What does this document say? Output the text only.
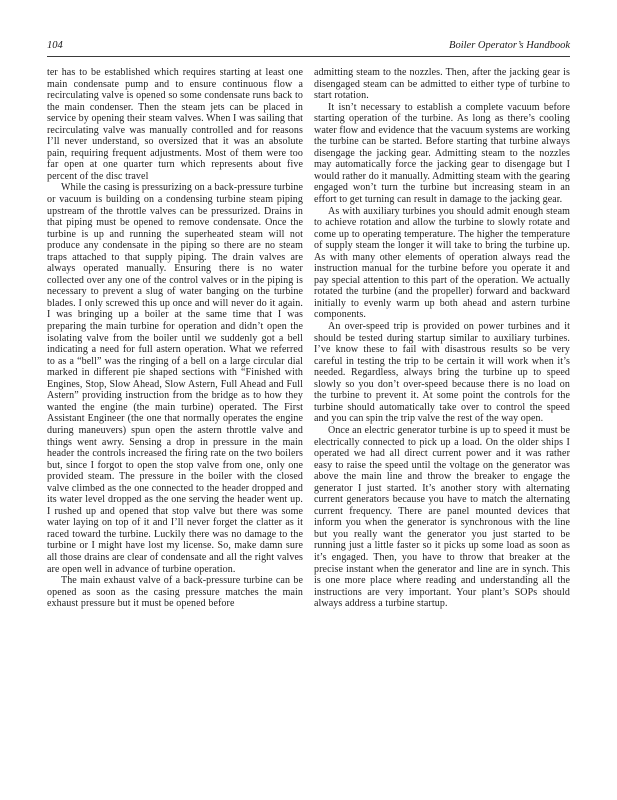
104	Boiler Operator’s Handbook

ter has to be established which requires starting at least one main condensate pump and to ensure continuous flow a recirculating valve is opened so some condensate runs back to the main condenser. Then the steam jets can be placed in service by opening their steam valves. When I was sailing that recirculating valve was manually controlled and for reasons I’ll never understand, so oversized that it was an absolute pain, requiring frequent adjustments. Most of them were too far open at one quarter turn which represents about five percent of the disc travel

While the casing is pressurizing on a back-pressure turbine or vacuum is building on a condensing turbine steam piping upstream of the throttle valves can be pressurized. Drains in that piping must be opened to remove condensate. Once the turbine is up and running the superheated steam will not produce any condensate in the piping so there are no steam traps attached to that supply piping. The drain valves are always operated manually. Ensuring there is no water collected over any one of the control valves or in the piping is necessary to prevent a slug of water banging on the turbine blades. I only screwed this up once and will never do it again. I was bringing up a boiler at the same time that I was preparing the main turbine for operation and didn’t open the isolating valve from the boiler until we suddenly got a bell indicating a need for full astern operation. What we referred to as a “bell” was the ringing of a bell on a large circular dial marked in different pie shaped sections with “Finished with Engines, Stop, Slow Ahead, Slow Astern, Full Ahead and Full Astern” providing instruction from the bridge as to how they wanted the engine (the main turbine) operated. The First Assistant Engineer (the one that normally operates the engine during maneuvers) spun open the astern throttle valve and things went awry. Sensing a drop in pressure in the main header the controls increased the firing rate on the two boilers but, since I forgot to open the stop valve from one, only one provided steam. The pressure in the boiler with the closed valve climbed as the one connected to the header dropped and its water level dropped as the one serving the header went up. I rushed up and opened that stop valve but there was some water laying on top of it and I’ll never forget the clatter as it raced toward the turbine. Luckily there was no damage to the turbine or I might have lost my license. So, make damn sure all those drains are clear of condensate and all the right valves are open well in advance of turbine operation.

The main exhaust valve of a back-pressure turbine can be opened as soon as the casing pressure matches the main exhaust pressure but it must be opened before

admitting steam to the nozzles. Then, after the jacking gear is disengaged steam can be admitted to either type of turbine to start rotation.

It isn’t necessary to establish a complete vacuum before starting operation of the turbine. As long as there’s cooling water flow and evidence that the vacuum systems are working the turbine can be started. Before starting that turbine always disengage the jacking gear. Admitting steam to the nozzles may automatically force the jacking gear to disengage but I would rather do it manually. Admitting steam with the gearing engaged won’t turn the turbine but increasing steam in an effort to get turning can result in damage to the jacking gear.

As with auxiliary turbines you should admit enough steam to achieve rotation and allow the turbine to slowly rotate and come up to operating temperature. The higher the temperature of supply steam the longer it will take to bring the turbine up. As with many other elements of operation always read the instruction manual for the turbine before you operate it and pay special attention to this part of the operation. We actually rotated the turbine (and the propeller) forward and backward initially to evenly warm up both ahead and astern turbine components.

An over-speed trip is provided on power turbines and it should be tested during startup similar to auxiliary turbines. I’ve know these to fail with disastrous results so be very careful in testing the trip to be certain it will work when it’s needed. Regardless, always bring the turbine up to speed slowly so you don’t over-speed because there is no load on the turbine to prevent it. At some point the controls for the turbine should automatically take over to control the speed and you can spin the trip valve the rest of the way open.

Once an electric generator turbine is up to speed it must be electrically connected to pick up a load. On the older ships I operated we had all direct current power and it was rather easy to raise the speed until the voltage on the generator was above the main line and throw the breaker to engage the generator I just started. It’s another story with alternating current generators because you have to match the alternating current frequency. There are panel mounted devices that inform you when the generator is synchronous with the line but you really want the generator you just started to be running just a little faster so it picks up some load as soon as it’s engaged. Then, you have to throw that breaker at the precise instant when the generator and line are in synch. This is one more place where reading and understanding all the instructions are very important. Your plant’s SOPs should always address a turbine startup.
